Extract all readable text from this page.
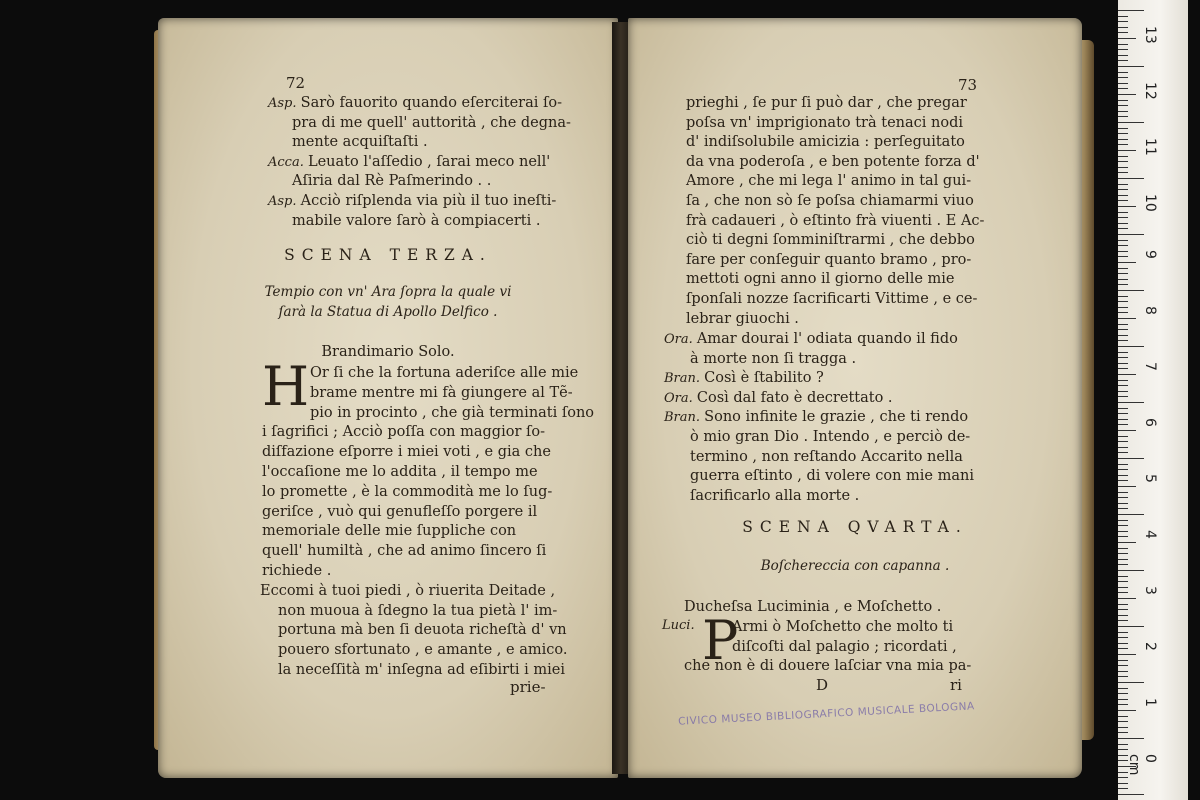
72
Asp. Sarò fauorito quando eſerciterai ſo-
pra di me quell' auttorità , che degna-
mente acquiſtaſti .
Acca. Leuato l'aſſedio , ſarai meco nell'
Aſiria dal Rè Paſmerindo . .
Asp. Acciò riſplenda via più il tuo ineſti-
mabile valore ſarò à compiacerti .
SCENA TERZA.
Tempio con vn' Ara ſopra la quale vi
ſarà la Statua di Apollo Delfico .
Brandimario Solo.
H Or ſi che la fortuna aderiſce alle mie
brame mentre mi fà giungere al Tẽ-
pio in procinto , che già terminati ſono
i ſagrifici ; Acciò poſſa con maggior ſo-
diſfazione eſporre i miei voti , e gia che
l'occaſione me lo addita , il tempo me
lo promette , è la commodità me lo ſug-
geriſce , vuò qui genufleſſo porgere il
memoriale delle mie ſuppliche con
quell' humiltà , che ad animo ſincero ſi
richiede .
Eccomi à tuoi piedi , ò riuerita Deitade ,
non muoua à ſdegno la tua pietà l' im-
portuna mà ben ſi deuota richeſtà d' vn
pouero sfortunato , e amante , e amico.
la neceſſità m' inſegna ad eſibirti i miei
prie-
73
prieghi , ſe pur ſi può dar , che pregar
poſsa vn' imprigionato trà tenaci nodi
d' indiſsolubile amicizia : perſeguitato
da vna poderoſa , e ben potente forza d'
Amore , che mi lega l' animo in tal gui-
ſa , che non sò ſe poſsa chiamarmi viuo
frà cadaueri , ò eſtinto frà viuenti . E Ac-
ciò ti degni ſomminiſtrarmi , che debbo
fare per conſeguir quanto bramo , pro-
mettoti ogni anno il giorno delle mie
ſponſali nozze ſacrificarti Vittime , e ce-
lebrar giuochi .
Ora. Amar dourai l' odiata quando il fido
à morte non ſi tragga .
Bran. Così è ſtabilito ?
Ora. Così dal fato è decrettato .
Bran. Sono infinite le grazie , che ti rendo
ò mio gran Dio . Intendo , e perciò de-
termino , non reſtando Accarito nella
guerra eſtinto , di volere con mie mani
ſacrificarlo alla morte .
SCENA QVARTA.
Boſchereccia con capanna .
Ducheſsa Luciminia , e Moſchetto .
Luci. P
Armi ò Moſchetto che molto ti
diſcoſti dal palagio ; ricordati ,
che non è di douere laſciar vna mia pa-
D	ri
CIVICO MUSEO BIBLIOGRAFICO MUSICALE BOLOGNA
13
12
11
10
9
8
7
6
5
4
3
2
1
0 cm
